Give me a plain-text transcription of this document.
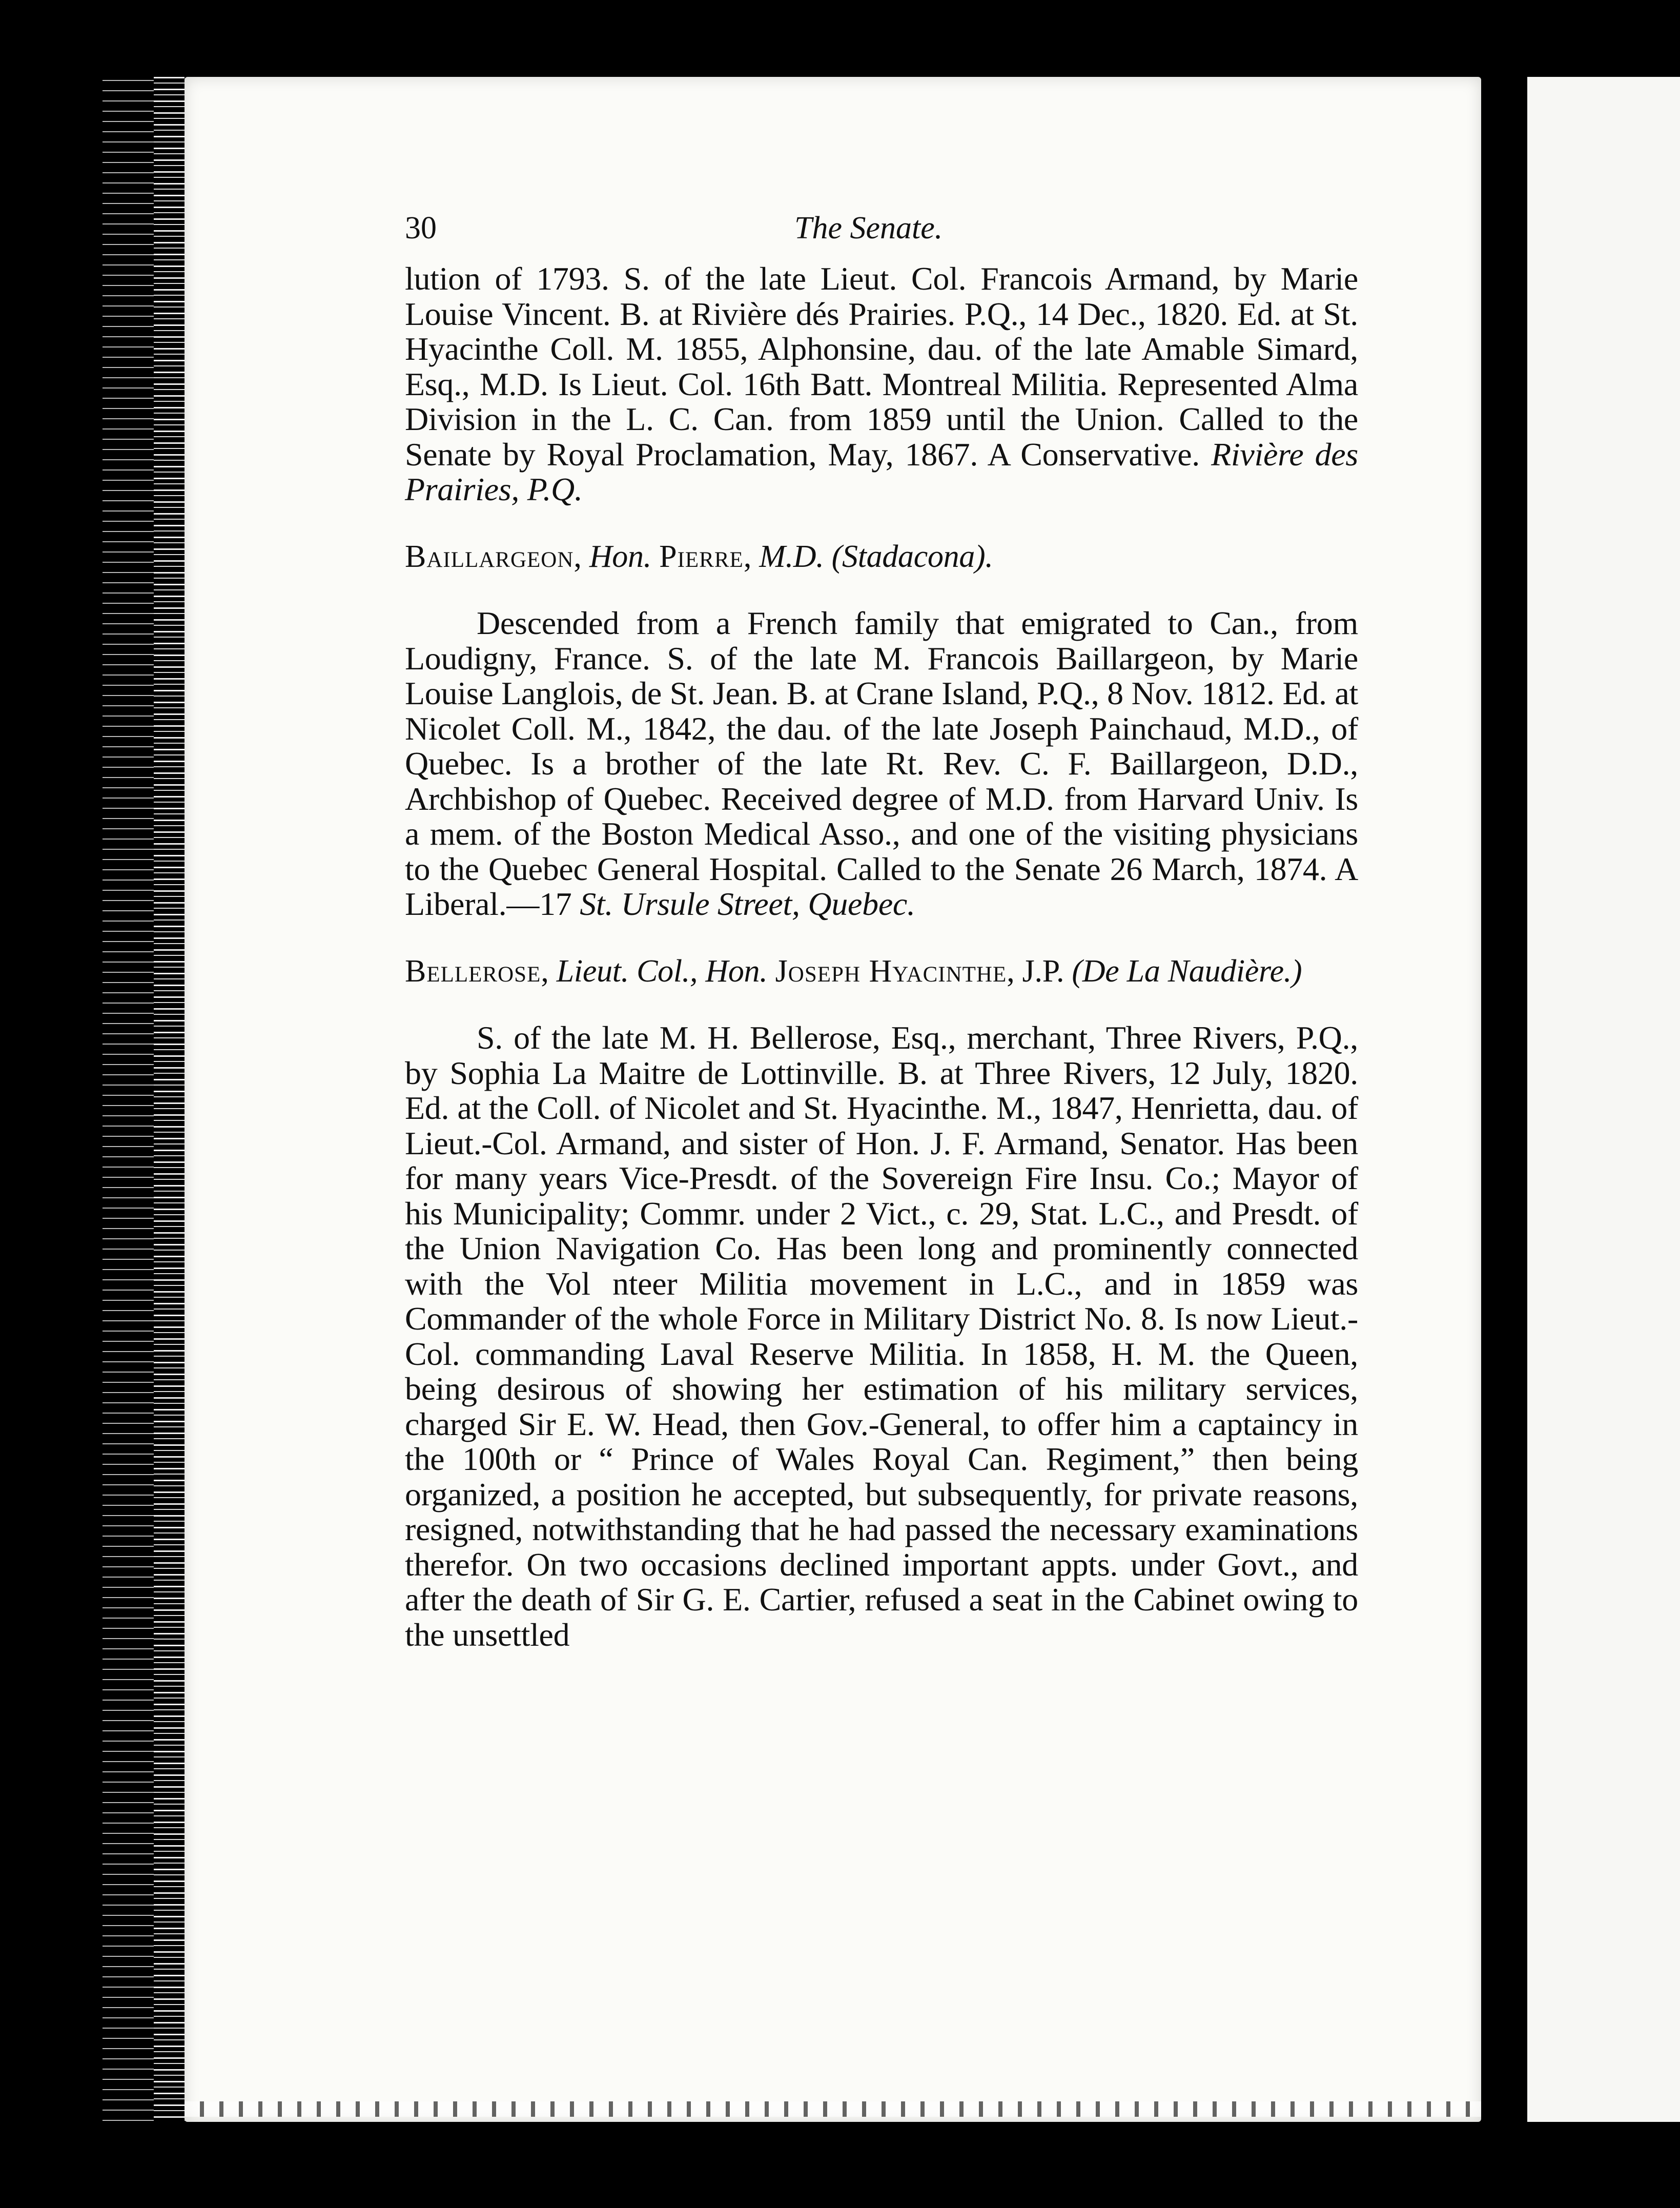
30	The Senate.

lution of 1793. S. of the late Lieut. Col. Francois Armand, by Marie Louise Vincent. B. at Rivière dés Prairies. P.Q., 14 Dec., 1820. Ed. at St. Hyacinthe Coll. M. 1855, Alphonsine, dau. of the late Amable Simard, Esq., M.D. Is Lieut. Col. 16th Batt. Montreal Militia. Represented Alma Division in the L. C. Can. from 1859 until the Union. Called to the Senate by Royal Proclamation, May, 1867. A Conservative. Rivière des Prairies, P.Q.

Baillargeon, Hon. Pierre, M.D. (Stadacona).

Descended from a French family that emigrated to Can., from Loudigny, France. S. of the late M. Francois Baillargeon, by Marie Louise Langlois, de St. Jean. B. at Crane Island, P.Q., 8 Nov. 1812. Ed. at Nicolet Coll. M., 1842, the dau. of the late Joseph Painchaud, M.D., of Quebec. Is a brother of the late Rt. Rev. C. F. Baillargeon, D.D., Archbishop of Quebec. Received degree of M.D. from Harvard Univ. Is a mem. of the Boston Medical Asso., and one of the visiting physicians to the Quebec General Hospital. Called to the Senate 26 March, 1874. A Liberal.—17 St. Ursule Street, Quebec.

Bellerose, Lieut. Col., Hon. Joseph Hyacinthe, J.P. (De La Naudière.)

S. of the late M. H. Bellerose, Esq., merchant, Three Rivers, P.Q., by Sophia La Maitre de Lottinville. B. at Three Rivers, 12 July, 1820. Ed. at the Coll. of Nicolet and St. Hyacinthe. M., 1847, Henrietta, dau. of Lieut.-Col. Armand, and sister of Hon. J. F. Armand, Senator. Has been for many years Vice-Presdt. of the Sovereign Fire Insu. Co.; Mayor of his Municipality; Commr. under 2 Vict., c. 29, Stat. L.C., and Presdt. of the Union Navigation Co. Has been long and prominently connected with the Vol nteer Militia movement in L.C., and in 1859 was Commander of the whole Force in Military District No. 8. Is now Lieut.-Col. commanding Laval Reserve Militia. In 1858, H. M. the Queen, being desirous of showing her estimation of his military services, charged Sir E. W. Head, then Gov.-General, to offer him a captaincy in the 100th or “ Prince of Wales Royal Can. Regiment,” then being organized, a position he accepted, but subsequently, for private reasons, resigned, notwithstanding that he had passed the necessary examinations therefor. On two occasions declined important appts. under Govt., and after the death of Sir G. E. Cartier, refused a seat in the Cabinet owing to the unsettled
